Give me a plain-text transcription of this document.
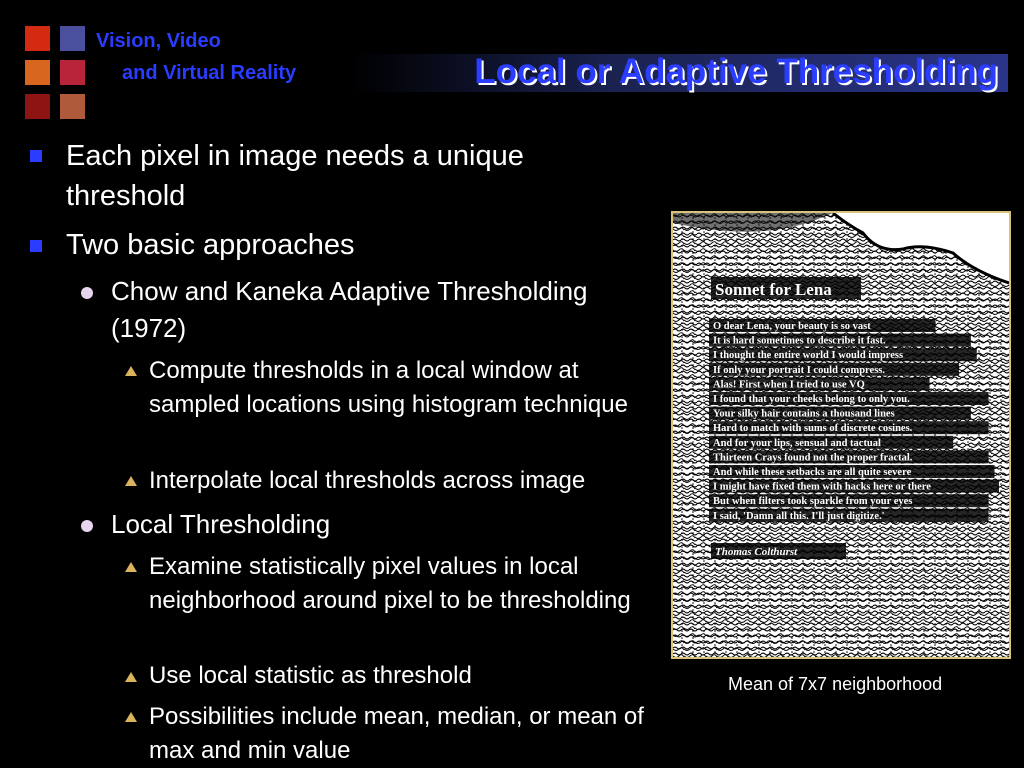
Vision, Video
and Virtual Reality	Local or Adaptive Thresholding
Each pixel in image needs a unique threshold
Two basic approaches
Chow and Kaneka Adaptive Thresholding (1972)
Compute thresholds in a local window at sampled locations using histogram technique
Interpolate local thresholds across image
Local Thresholding
Examine statistically pixel values in local neighborhood around pixel to be thresholding
Use local statistic as threshold
Possibilities include mean, median, or mean of max and min value
Sonnet for Lena
O dear Lena, your beauty is so vast
It is hard sometimes to describe it fast.
I thought the entire world I would impress
If only your portrait I could compress.
Alas! First when I tried to use VQ
I found that your cheeks belong to only you.
Your silky hair contains a thousand lines
Hard to match with sums of discrete cosines.
And for your lips, sensual and tactual
Thirteen Crays found not the proper fractal.
And while these setbacks are all quite severe
I might have fixed them with hacks here or there
But when filters took sparkle from your eyes
I said, 'Damn all this. I'll just digitize.'
Thomas Colthurst
Mean of 7x7 neighborhood
